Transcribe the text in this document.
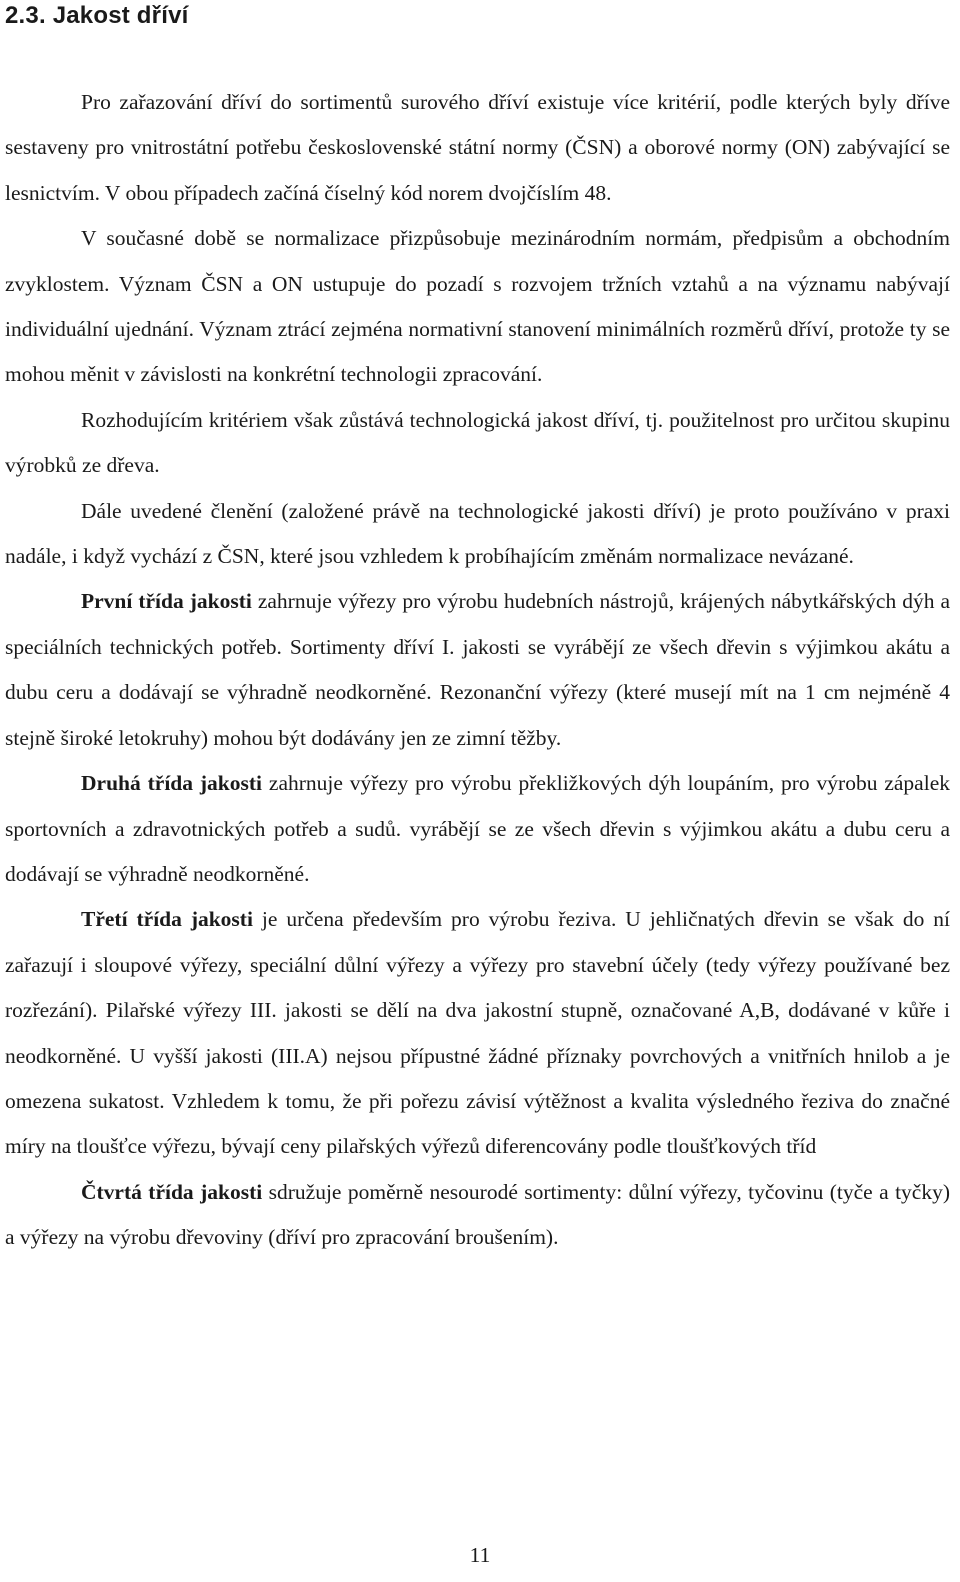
2.3. Jakost dříví

Pro zařazování dříví do sortimentů surového dříví existuje více kritérií, podle kterých byly dříve sestaveny pro vnitrostátní potřebu československé státní normy (ČSN) a oborové normy (ON) zabývající se lesnictvím. V obou případech začíná číselný kód norem dvojčíslím 48.

V současné době se normalizace přizpůsobuje mezinárodním normám, předpisům a obchodním zvyklostem. Význam ČSN a ON ustupuje do pozadí s rozvojem tržních vztahů a na významu nabývají individuální ujednání. Význam ztrácí zejména normativní stanovení minimálních rozměrů dříví, protože ty se mohou měnit v závislosti na konkrétní technologii zpracování.

Rozhodujícím kritériem však zůstává technologická jakost dříví, tj. použitelnost pro určitou skupinu výrobků ze dřeva.

Dále uvedené členění (založené právě na technologické jakosti dříví) je proto používáno v praxi nadále, i když vychází z ČSN, které jsou vzhledem k probíhajícím změnám normalizace nevázané.

První třída jakosti zahrnuje výřezy pro výrobu hudebních nástrojů, krájených nábytkářských dýh a speciálních technických potřeb. Sortimenty dříví I. jakosti se vyrábějí ze všech dřevin s výjimkou akátu a dubu ceru a dodávají se výhradně neodkorněné. Rezonanční výřezy (které musejí mít na 1 cm nejméně 4 stejně široké letokruhy) mohou být dodávány jen ze zimní těžby.

Druhá třída jakosti zahrnuje výřezy pro výrobu překližkových dýh loupáním, pro výrobu zápalek sportovních a zdravotnických potřeb a sudů. vyrábějí se ze všech dřevin s výjimkou akátu a dubu ceru a dodávají se výhradně neodkorněné.

Třetí třída jakosti je určena především pro výrobu řeziva. U jehličnatých dřevin se však do ní zařazují i sloupové výřezy, speciální důlní výřezy a výřezy pro stavební účely (tedy výřezy používané bez rozřezání). Pilařské výřezy III. jakosti se dělí na dva jakostní stupně, označované A,B, dodávané v kůře i neodkorněné. U vyšší jakosti (III.A) nejsou přípustné žádné příznaky povrchových a vnitřních hnilob a je omezena sukatost. Vzhledem k tomu, že při pořezu závisí výtěžnost a kvalita výsledného řeziva do značné míry na tloušťce výřezu, bývají ceny pilařských výřezů diferencovány podle tloušťkových tříd

Čtvrtá třída jakosti sdružuje poměrně nesourodé sortimenty: důlní výřezy, tyčovinu (tyče a tyčky) a výřezy na výrobu dřevoviny (dříví pro zpracování broušením).

11
